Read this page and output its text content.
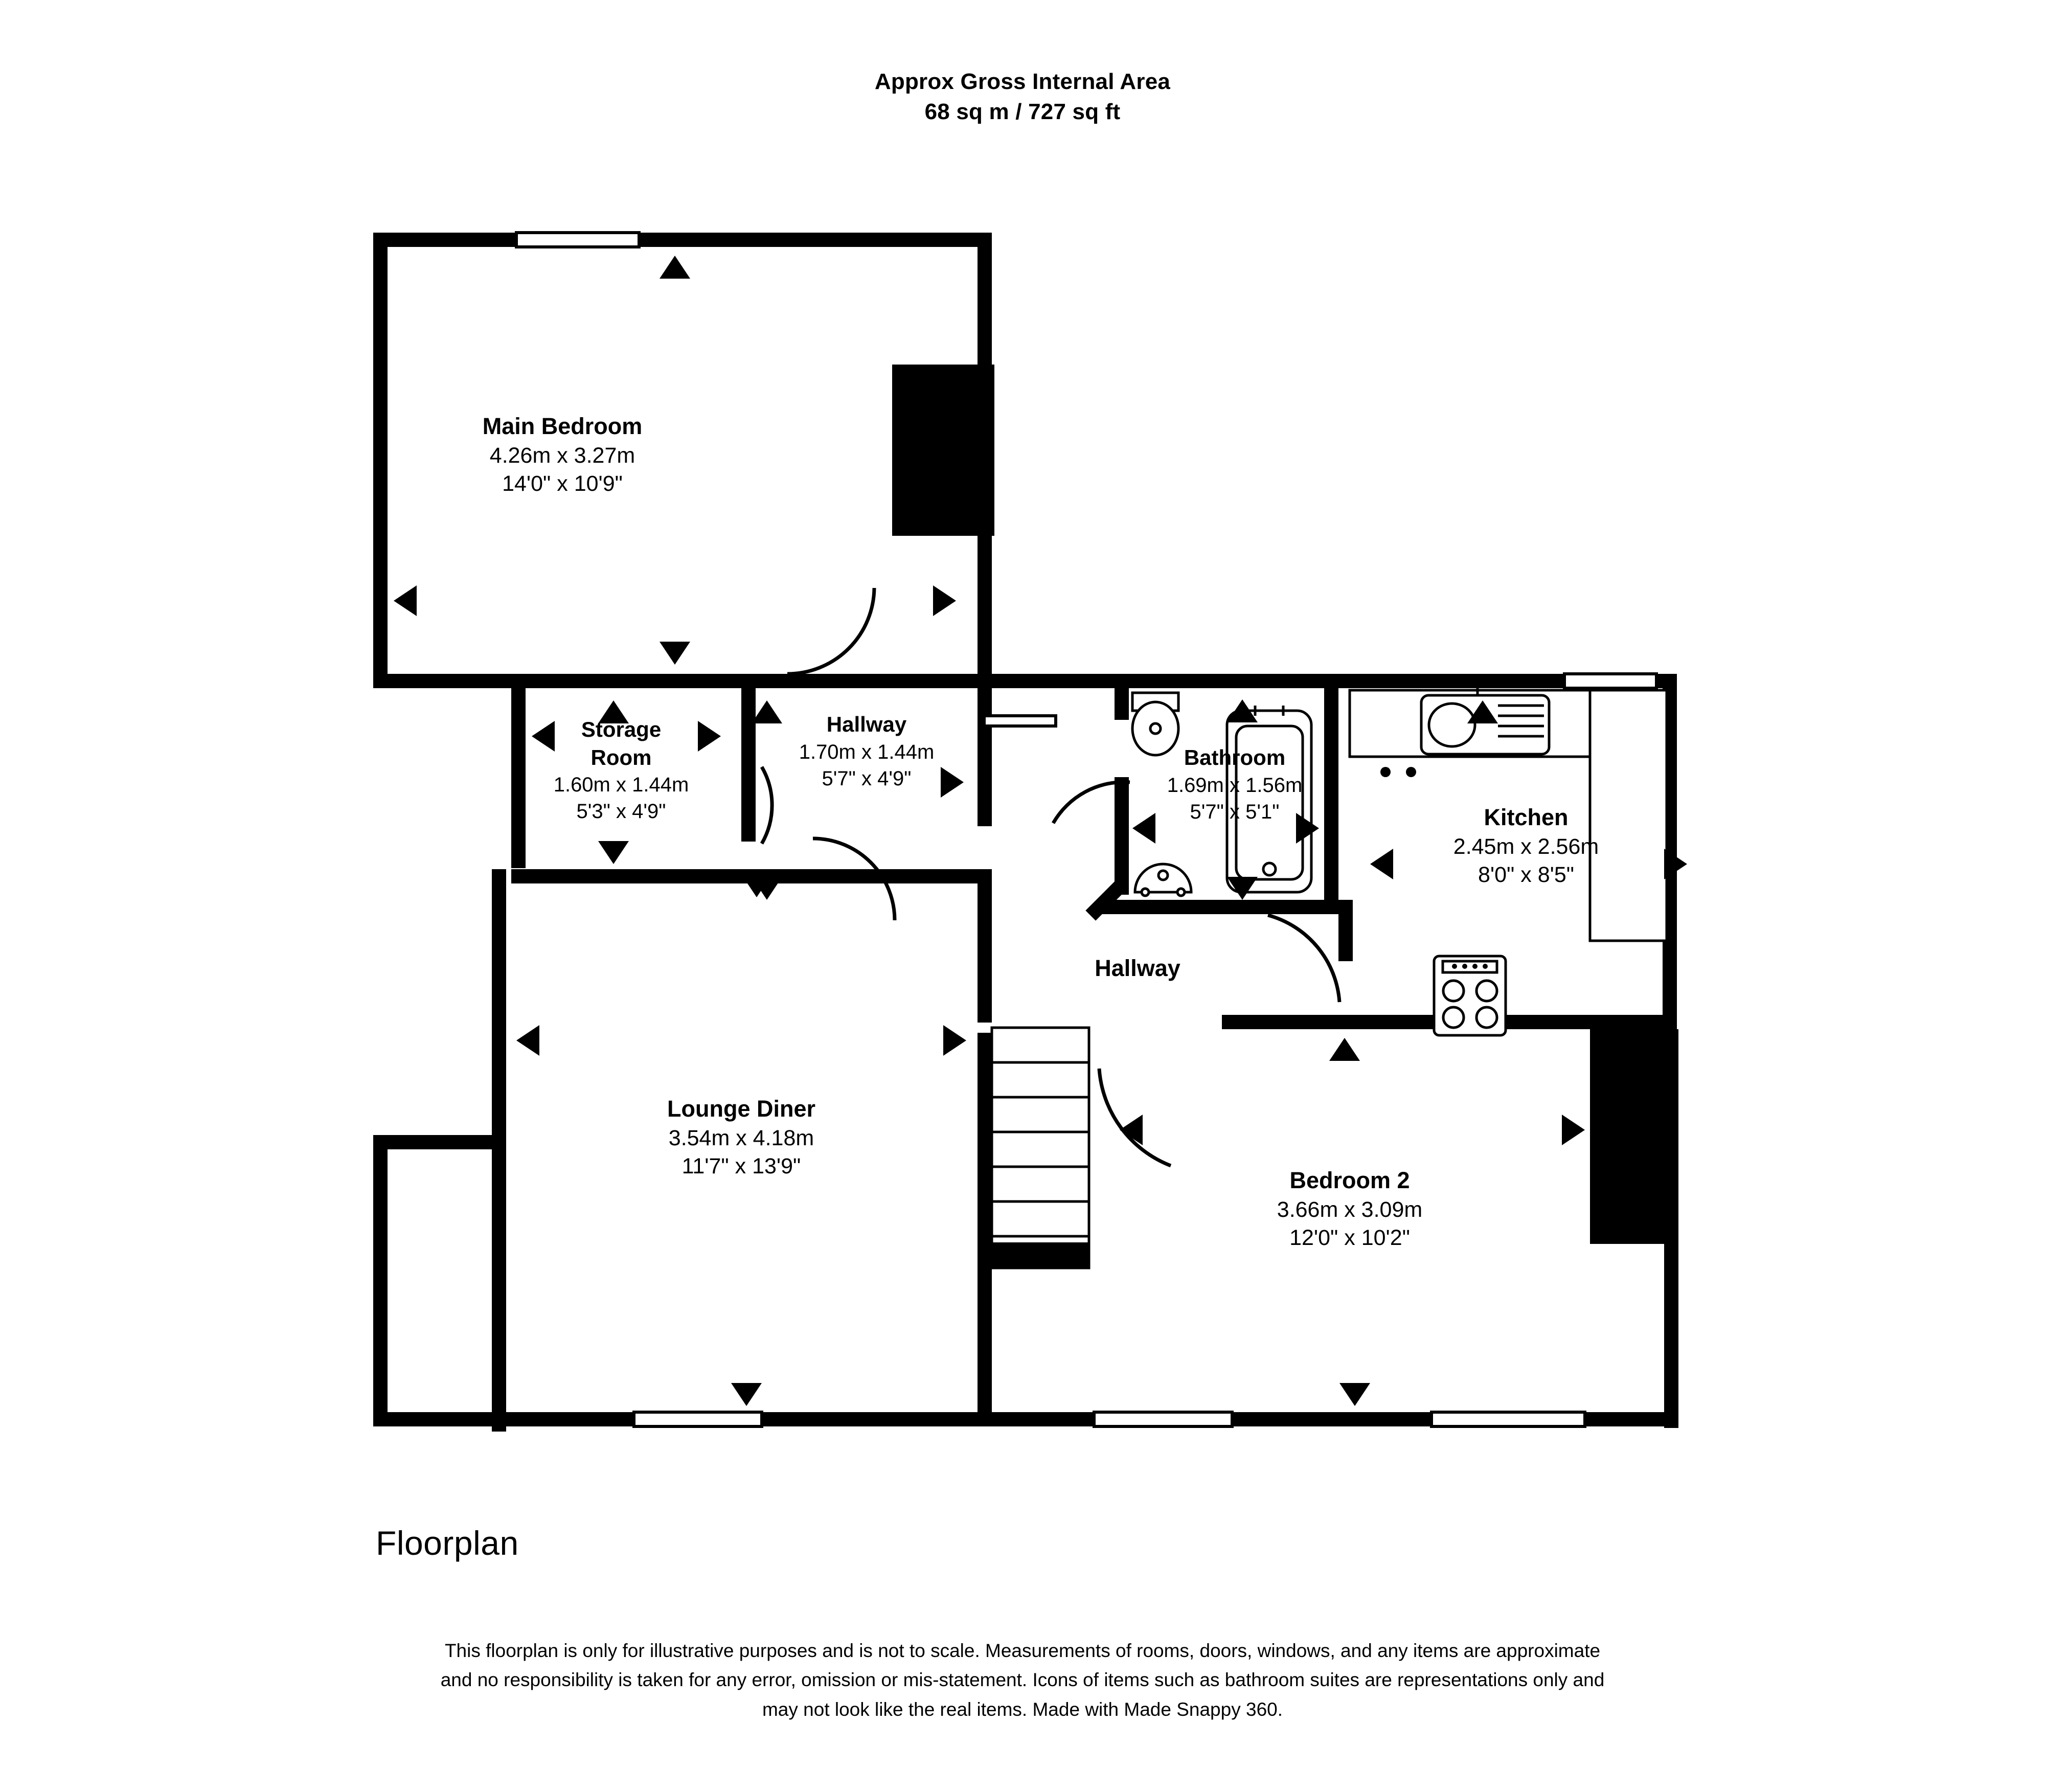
Approx Gross Internal Area
68 sq m / 727 sq ft
Main Bedroom
4.26m x 3.27m
14'0" x 10'9"
Storage
Room
1.60m x 1.44m
5'3" x 4'9"
Hallway
1.70m x 1.44m
5'7" x 4'9"
Bathroom
1.69m x 1.56m
5'7" x 5'1"	Kitchen
2.45m x 2.56m
8'0" x 8'5"
Hallway
Lounge Diner
3.54m x 4.18m
11'7" x 13'9"
Bedroom 2
3.66m x 3.09m
12'0" x 10'2"
Floorplan
This floorplan is only for illustrative purposes and is not to scale. Measurements of rooms, doors, windows, and any items are approximate
and no responsibility is taken for any error, omission or mis-statement. Icons of items such as bathroom suites are representations only and
may not look like the real items. Made with Made Snappy 360.
